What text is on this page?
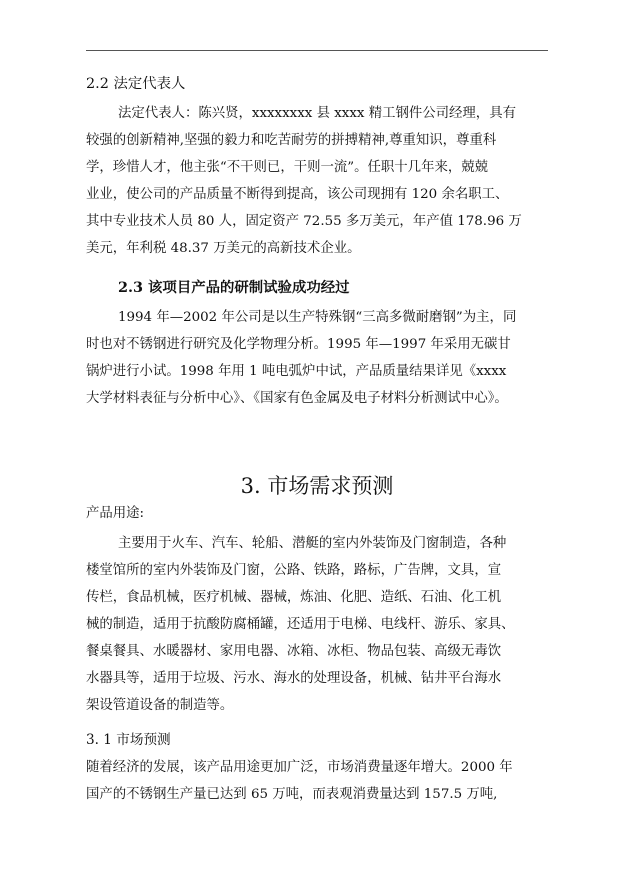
2.2 法定代表人
法定代表人：陈兴贤，xxxxxxxx 县 xxxx 精工钢件公司经理，具有
较强的创新精神,坚强的毅力和吃苦耐劳的拼搏精神,尊重知识，尊重科
学，珍惜人才，他主张“不干则已，干则一流”。任职十几年来，兢兢
业业，使公司的产品质量不断得到提高，该公司现拥有 120 余名职工、
其中专业技术人员 80 人，固定资产 72.55 多万美元，年产值 178.96 万
美元，年利税 48.37 万美元的高新技术企业。
2.3 该项目产品的研制试验成功经过
1994 年—2002 年公司是以生产特殊钢“三高多微耐磨钢”为主，同
时也对不锈钢进行研究及化学物理分析。1995 年—1997 年采用无碳甘
锅炉进行小试。1998 年用 1 吨电弧炉中试，产品质量结果详见《xxxx
大学材料表征与分析中心》、《国家有色金属及电子材料分析测试中心》。
3. 市场需求预测
产品用途:
主要用于火车、汽车、轮船、潜艇的室内外装饰及门窗制造，各种
楼堂馆所的室内外装饰及门窗，公路、铁路，路标，广告牌，文具，宣
传栏，食品机械，医疗机械、器械，炼油、化肥、造纸、石油、化工机
械的制造，适用于抗酸防腐桶罐，还适用于电梯、电线杆、游乐、家具、
餐桌餐具、水暖器材、家用电器、冰箱、冰柜、物品包装、高级无毒饮
水器具等，适用于垃圾、污水、海水的处理设备，机械、钻井平台海水
架设管道设备的制造等。
3. 1 市场预测
随着经济的发展，该产品用途更加广泛，市场消费量逐年增大。2000 年
国产的不锈钢生产量已达到 65 万吨，而表观消费量达到 157.5 万吨,
